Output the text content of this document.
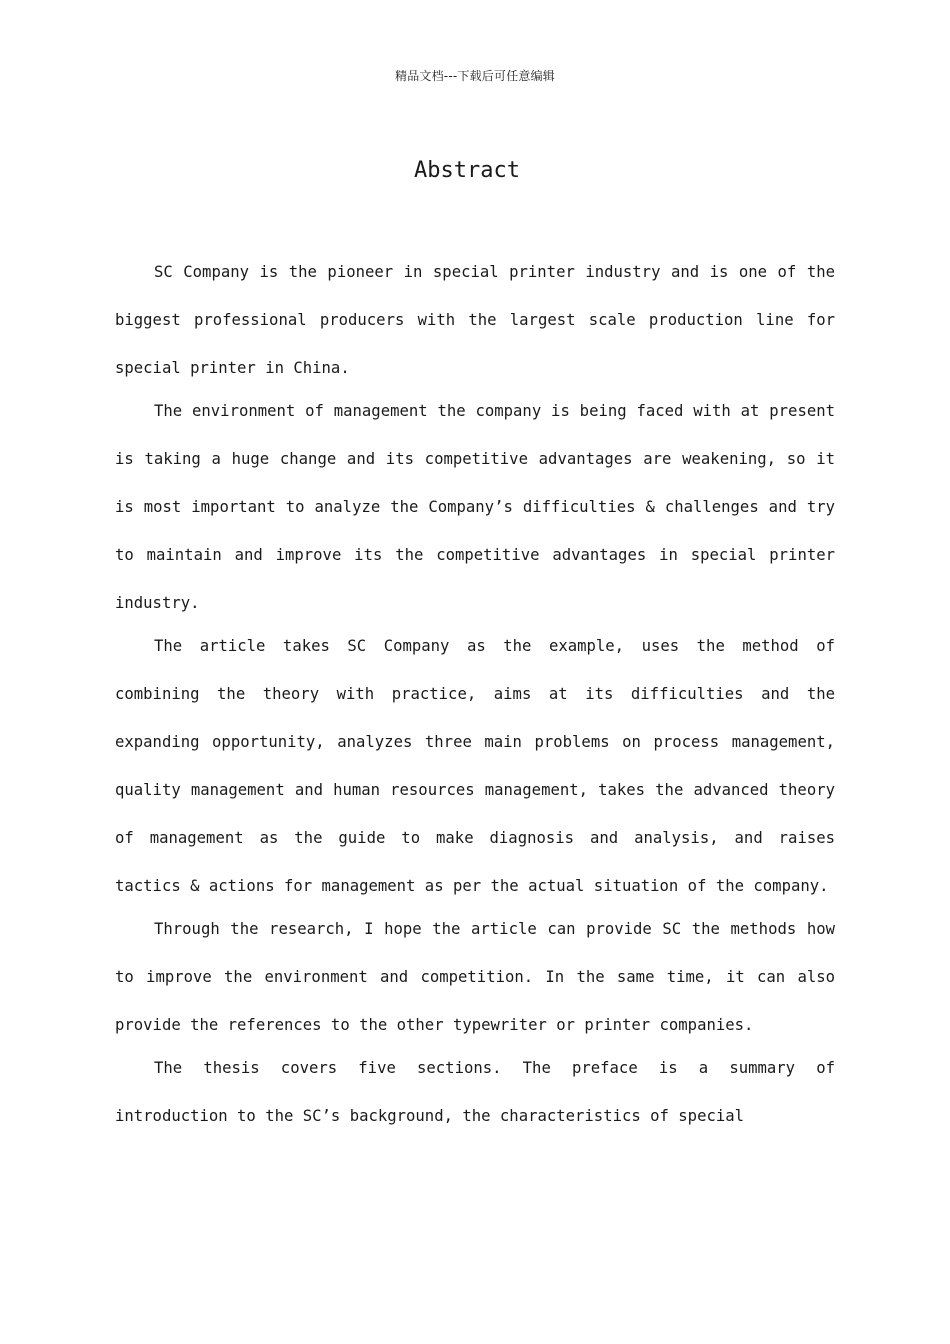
精品文档---下载后可任意编辑
Abstract

SC Company is the pioneer in special printer industry and is one of the biggest professional producers with the largest scale production line for special printer in China.

The environment of management the company is being faced with at present is taking a huge change and its competitive advantages are weakening, so it is most important to analyze the Company’s difficulties & challenges and try to maintain and improve its the competitive advantages in special printer industry.

The article takes SC Company as the example, uses the method of combining the theory with practice, aims at its difficulties and the expanding opportunity, analyzes three main problems on process management, quality management and human resources management, takes the advanced theory of management as the guide to make diagnosis and analysis, and raises tactics & actions for management as per the actual situation of the company.

Through the research, I hope the article can provide SC the methods how to improve the environment and competition. In the same time, it can also provide the references to the other typewriter or printer companies.

The thesis covers five sections. The preface is a summary of introduction to the SC’s background, the characteristics of special
